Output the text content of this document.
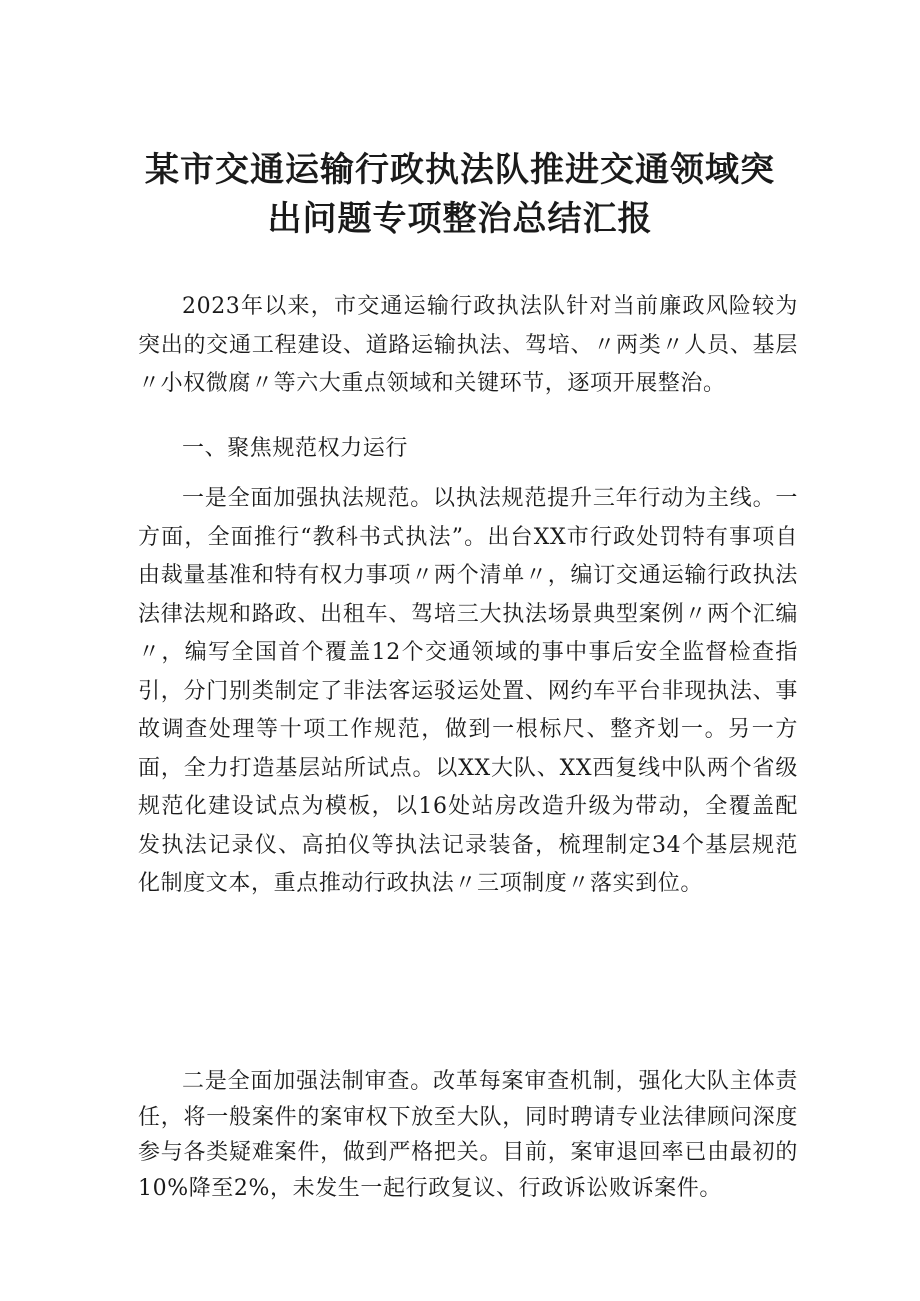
某市交通运输行政执法队推进交通领域突
出问题专项整治总结汇报
2023年以来，市交通运输行政执法队针对当前廉政风险较为突出的交通工程建设、道路运输执法、驾培、〃两类〃人员、基层〃小权微腐〃等六大重点领域和关键环节，逐项开展整治。
一、聚焦规范权力运行
一是全面加强执法规范。以执法规范提升三年行动为主线。一方面，全面推行“教科书式执法”。出台XX市行政处罚特有事项自由裁量基准和特有权力事项〃两个清单〃，编订交通运输行政执法法律法规和路政、出租车、驾培三大执法场景典型案例〃两个汇编〃，编写全国首个覆盖12个交通领域的事中事后安全监督检查指引，分门别类制定了非法客运驳运处置、网约车平台非现执法、事故调查处理等十项工作规范，做到一根标尺、整齐划一。另一方面，全力打造基层站所试点。以XX大队、XX西复线中队两个省级规范化建设试点为模板，以16处站房改造升级为带动，全覆盖配发执法记录仪、高拍仪等执法记录装备，梳理制定34个基层规范化制度文本，重点推动行政执法〃三项制度〃落实到位。
二是全面加强法制审查。改革每案审查机制，强化大队主体责任，将一般案件的案审权下放至大队，同时聘请专业法律顾问深度参与各类疑难案件，做到严格把关。目前，案审退回率已由最初的10%降至2%，未发生一起行政复议、行政诉讼败诉案件。
